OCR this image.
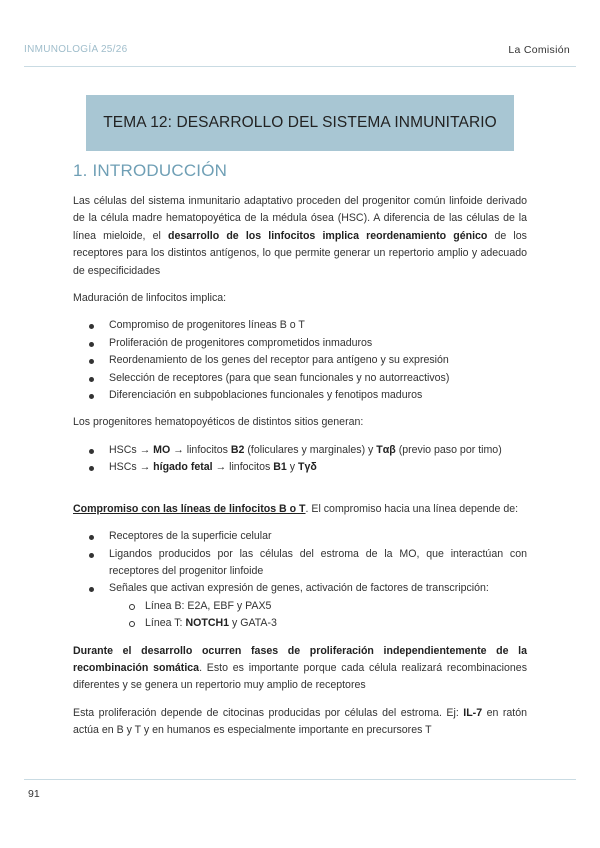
INMUNOLOGÍA 25/26	La Comisión
TEMA 12: DESARROLLO DEL SISTEMA INMUNITARIO
1. INTRODUCCIÓN

Las células del sistema inmunitario adaptativo proceden del progenitor común linfoide derivado de la célula madre hematopoyética de la médula ósea (HSC). A diferencia de las células de la línea mieloide, el desarrollo de los linfocitos implica reordenamiento génico de los receptores para los distintos antígenos, lo que permite generar un repertorio amplio y adecuado de especificidades

Maduración de linfocitos implica:

Compromiso de progenitores líneas B o T
Proliferación de progenitores comprometidos inmaduros
Reordenamiento de los genes del receptor para antígeno y su expresión
Selección de receptores (para que sean funcionales y no autorreactivos)
Diferenciación en subpoblaciones funcionales y fenotipos maduros

Los progenitores hematopoyéticos de distintos sitios generan:

HSCs → MO → linfocitos B2 (foliculares y marginales) y Tαβ (previo paso por timo)
HSCs → hígado fetal → linfocitos B1 y Tγδ

Compromiso con las líneas de linfocitos B o T. El compromiso hacia una línea depende de:

Receptores de la superficie celular
Ligandos producidos por las células del estroma de la MO, que interactúan con receptores del progenitor linfoide
Señales que activan expresión de genes, activación de factores de transcripción:
Línea B: E2A, EBF y PAX5
Línea T: NOTCH1 y GATA-3

Durante el desarrollo ocurren fases de proliferación independientemente de la recombinación somática. Esto es importante porque cada célula realizará recombinaciones diferentes y se genera un repertorio muy amplio de receptores

Esta proliferación depende de citocinas producidas por células del estroma. Ej: IL-7 en ratón actúa en B y T y en humanos es especialmente importante en precursores T

91
